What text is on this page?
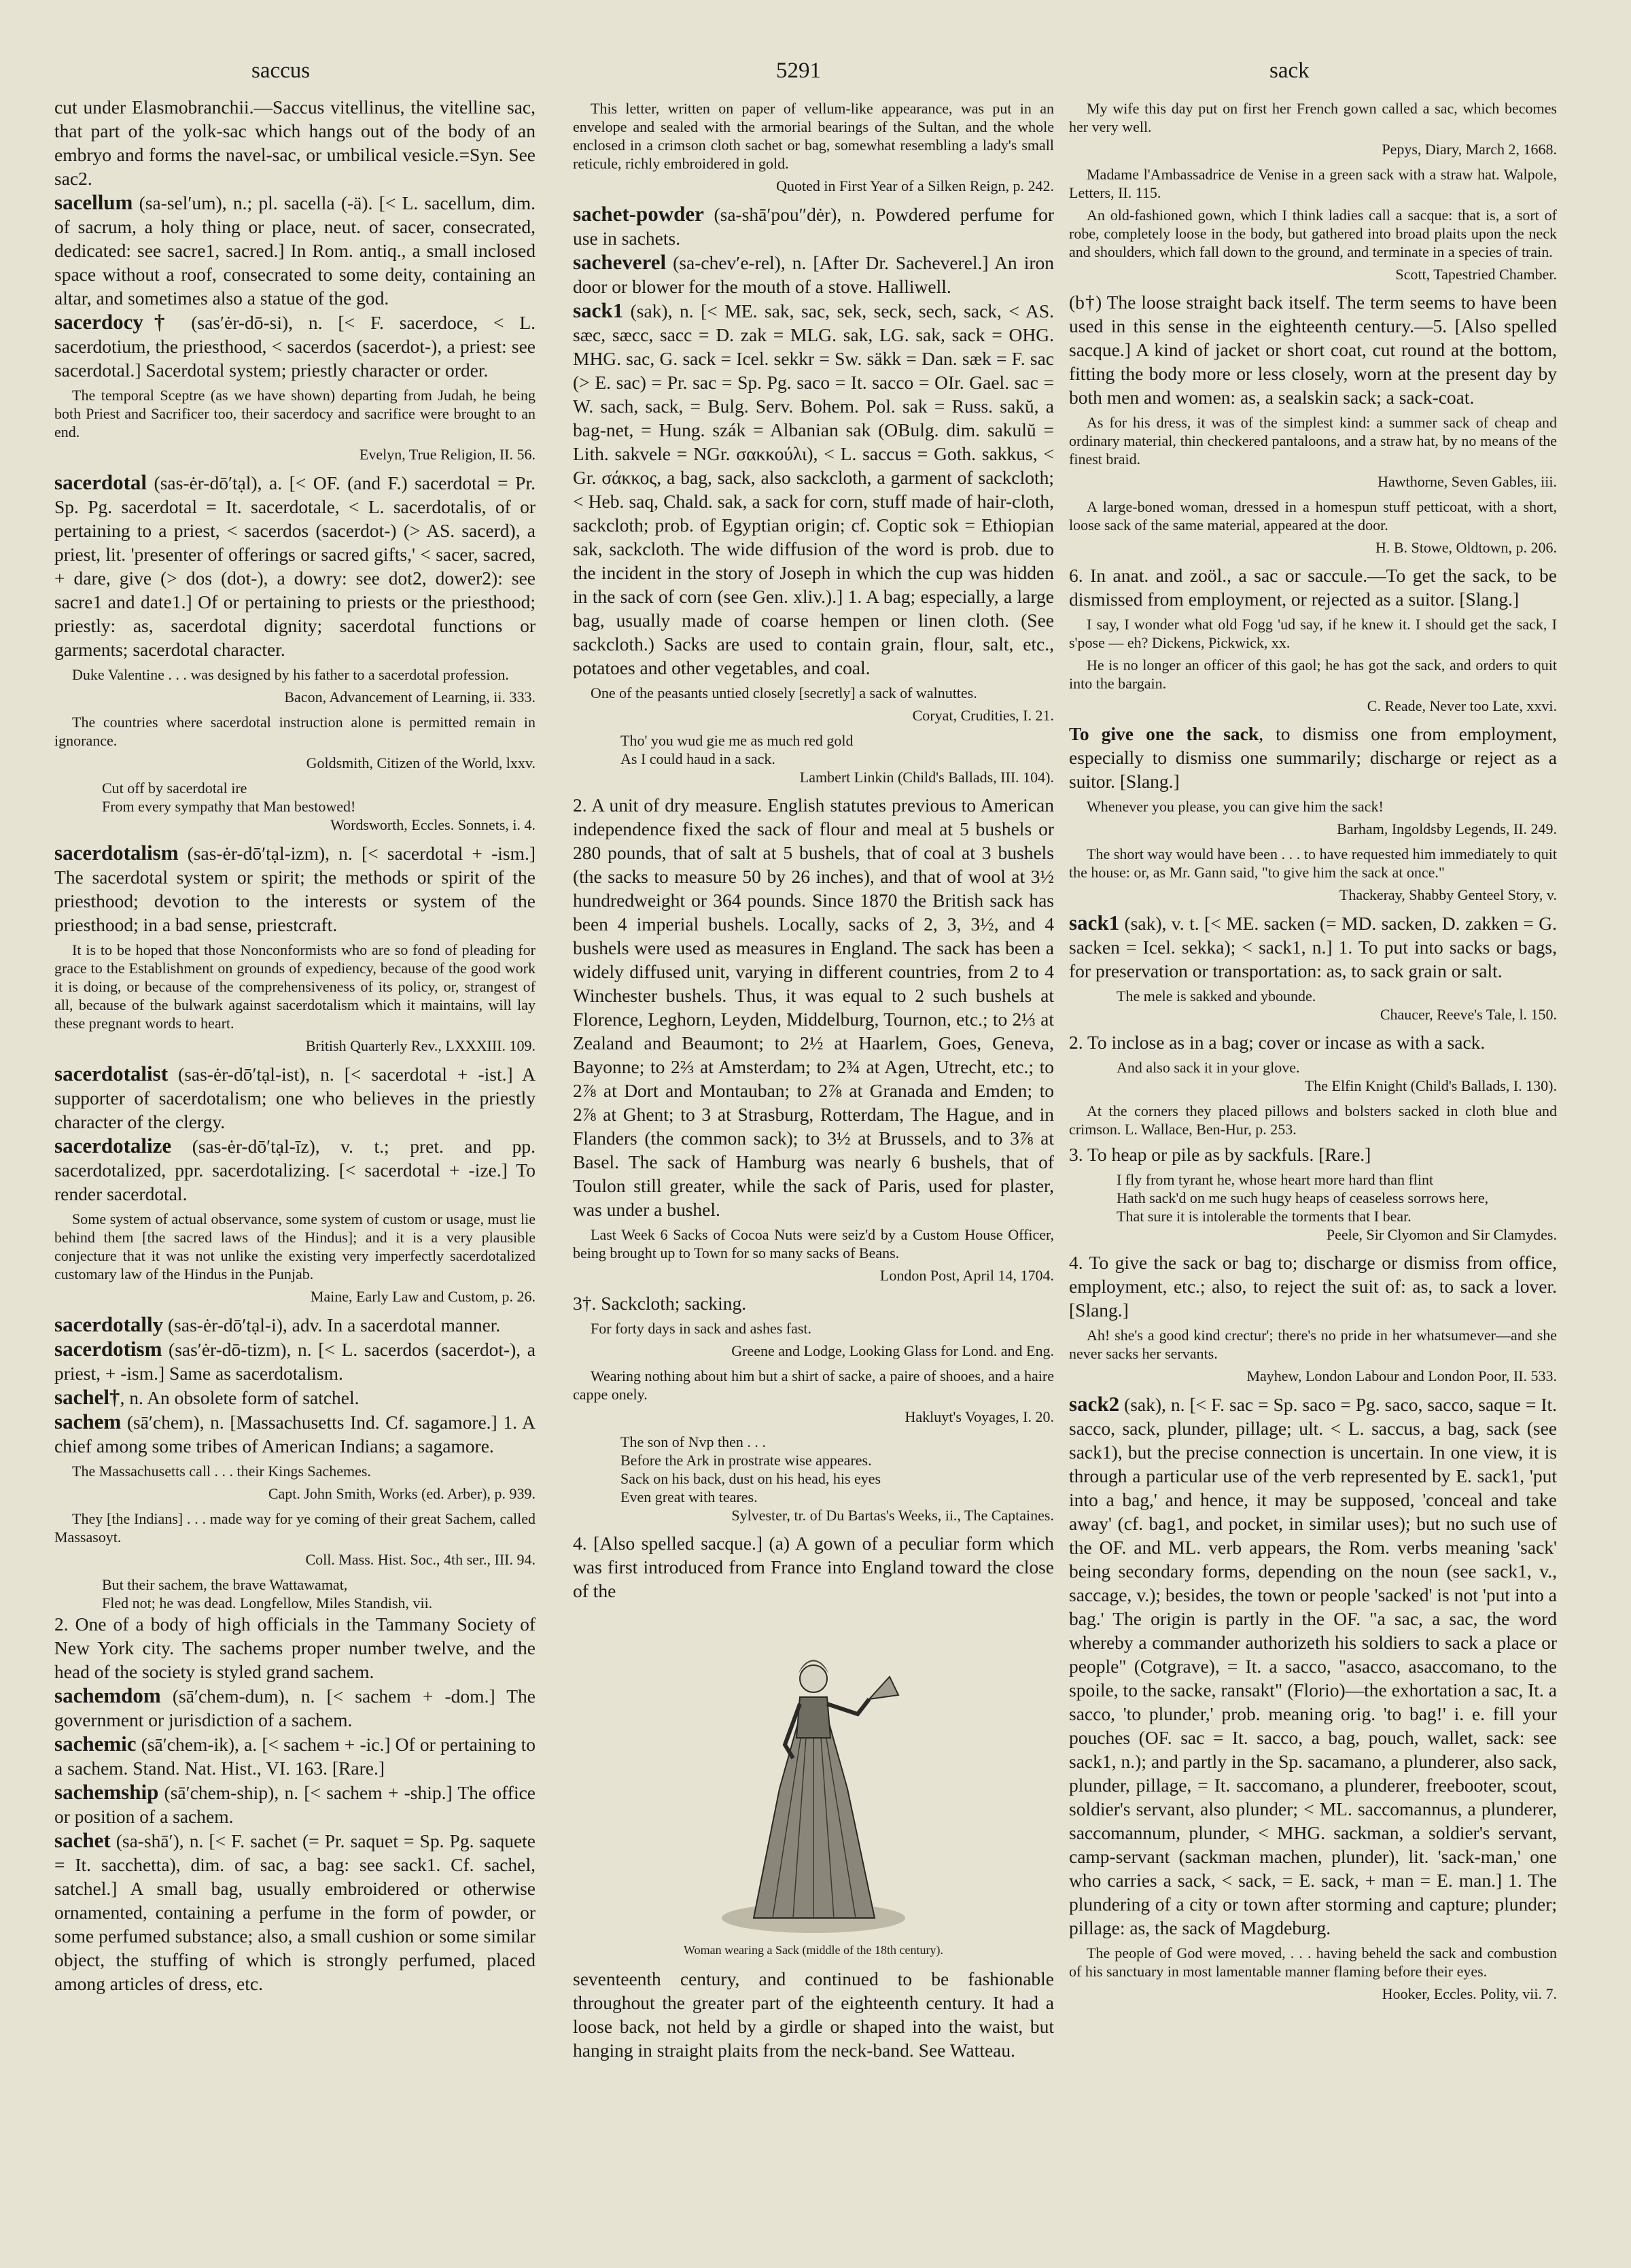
saccus	5291	sack

cut under Elasmobranchii.—Saccus vitellinus, the vitelline sac, that part of the yolk-sac which hangs out of the body of an embryo and forms the navel-sac, or umbilical vesicle.=Syn. See sac2.

sacellum (sa-sel′um), n.; pl. sacella (-ä). [< L. sacellum, dim. of sacrum, a holy thing or place, neut. of sacer, consecrated, dedicated: see sacre1, sacred.] In Rom. antiq., a small inclosed space without a roof, consecrated to some deity, containing an altar, and sometimes also a statue of the god.

sacerdocy† (sas′ėr-dō-si), n. [< F. sacerdoce, < L. sacerdotium, the priesthood, < sacerdos (sacerdot-), a priest: see sacerdotal.] Sacerdotal system; priestly character or order.

The temporal Sceptre (as we have shown) departing from Judah, he being both Priest and Sacrificer too, their sacerdocy and sacrifice were brought to an end.

Evelyn, True Religion, II. 56.

sacerdotal (sas-ėr-dō′tạl), a. [< OF. (and F.) sacerdotal = Pr. Sp. Pg. sacerdotal = It. sacerdotale, < L. sacerdotalis, of or pertaining to a priest, < sacerdos (sacerdot-) (> AS. sacerd), a priest, lit. 'presenter of offerings or sacred gifts,' < sacer, sacred, + dare, give (> dos (dot-), a dowry: see dot2, dower2): see sacre1 and date1.] Of or pertaining to priests or the priesthood; priestly: as, sacerdotal dignity; sacerdotal functions or garments; sacerdotal character.

Duke Valentine . . . was designed by his father to a sacerdotal profession.

Bacon, Advancement of Learning, ii. 333.

The countries where sacerdotal instruction alone is permitted remain in ignorance.

Goldsmith, Citizen of the World, lxxv.

Cut off by sacerdotal ire
From every sympathy that Man bestowed!

Wordsworth, Eccles. Sonnets, i. 4.

sacerdotalism (sas-ėr-dō′tạl-izm), n. [< sacerdotal + -ism.] The sacerdotal system or spirit; the methods or spirit of the priesthood; devotion to the interests or system of the priesthood; in a bad sense, priestcraft.

It is to be hoped that those Nonconformists who are so fond of pleading for grace to the Establishment on grounds of expediency, because of the good work it is doing, or because of the comprehensiveness of its policy, or, strangest of all, because of the bulwark against sacerdotalism which it maintains, will lay these pregnant words to heart.

British Quarterly Rev., LXXXIII. 109.

sacerdotalist (sas-ėr-dō′tạl-ist), n. [< sacerdotal + -ist.] A supporter of sacerdotalism; one who believes in the priestly character of the clergy.

sacerdotalize (sas-ėr-dō′tạl-īz), v. t.; pret. and pp. sacerdotalized, ppr. sacerdotalizing. [< sacerdotal + -ize.] To render sacerdotal.

Some system of actual observance, some system of custom or usage, must lie behind them [the sacred laws of the Hindus]; and it is a very plausible conjecture that it was not unlike the existing very imperfectly sacerdotalized customary law of the Hindus in the Punjab.

Maine, Early Law and Custom, p. 26.

sacerdotally (sas-ėr-dō′tạl-i), adv. In a sacerdotal manner.

sacerdotism (sas′ėr-dō-tizm), n. [< L. sacerdos (sacerdot-), a priest, + -ism.] Same as sacerdotalism.

sachel†, n. An obsolete form of satchel.

sachem (sā′chem), n. [Massachusetts Ind. Cf. sagamore.] 1. A chief among some tribes of American Indians; a sagamore.

The Massachusetts call . . . their Kings Sachemes.

Capt. John Smith, Works (ed. Arber), p. 939.

They [the Indians] . . . made way for ye coming of their great Sachem, called Massasoyt.

Coll. Mass. Hist. Soc., 4th ser., III. 94.

But their sachem, the brave Wattawamat,
Fled not; he was dead. Longfellow, Miles Standish, vii.

2. One of a body of high officials in the Tammany Society of New York city. The sachems proper number twelve, and the head of the society is styled grand sachem.

sachemdom (sā′chem-dum), n. [< sachem + -dom.] The government or jurisdiction of a sachem.

sachemic (sā′chem-ik), a. [< sachem + -ic.] Of or pertaining to a sachem. Stand. Nat. Hist., VI. 163. [Rare.]

sachemship (sā′chem-ship), n. [< sachem + -ship.] The office or position of a sachem.

sachet (sa-shā′), n. [< F. sachet (= Pr. saquet = Sp. Pg. saquete = It. sacchetta), dim. of sac, a bag: see sack1. Cf. sachel, satchel.] A small bag, usually embroidered or otherwise ornamented, containing a perfume in the form of powder, or some perfumed substance; also, a small cushion or some similar object, the stuffing of which is strongly perfumed, placed among articles of dress, etc.

This letter, written on paper of vellum-like appearance, was put in an envelope and sealed with the armorial bearings of the Sultan, and the whole enclosed in a crimson cloth sachet or bag, somewhat resembling a lady's small reticule, richly embroidered in gold.

Quoted in First Year of a Silken Reign, p. 242.

sachet-powder (sa-shā′pou″dėr), n. Powdered perfume for use in sachets.

sacheverel (sa-chev′e-rel), n. [After Dr. Sacheverel.] An iron door or blower for the mouth of a stove. Halliwell.

sack1 (sak), n. [< ME. sak, sac, sek, seck, sech, sack, < AS. sæc, sæcc, sacc = D. zak = MLG. sak, LG. sak, sack = OHG. MHG. sac, G. sack = Icel. sekkr = Sw. säkk = Dan. sæk = F. sac (> E. sac) = Pr. sac = Sp. Pg. saco = It. sacco = OIr. Gael. sac = W. sach, sack, = Bulg. Serv. Bohem. Pol. sak = Russ. sakŭ, a bag-net, = Hung. szák = Albanian sak (OBulg. dim. sakulŭ = Lith. sakvele = NGr. σακκούλι), < L. saccus = Goth. sakkus, < Gr. σάκκος, a bag, sack, also sackcloth, a garment of sackcloth; < Heb. saq, Chald. sak, a sack for corn, stuff made of hair-cloth, sackcloth; prob. of Egyptian origin; cf. Coptic sok = Ethiopian sak, sackcloth. The wide diffusion of the word is prob. due to the incident in the story of Joseph in which the cup was hidden in the sack of corn (see Gen. xliv.).] 1. A bag; especially, a large bag, usually made of coarse hempen or linen cloth. (See sackcloth.) Sacks are used to contain grain, flour, salt, etc., potatoes and other vegetables, and coal.

One of the peasants untied closely [secretly] a sack of walnuttes.

Coryat, Crudities, I. 21.

Tho' you wud gie me as much red gold
As I could haud in a sack.

Lambert Linkin (Child's Ballads, III. 104).

2. A unit of dry measure. English statutes previous to American independence fixed the sack of flour and meal at 5 bushels or 280 pounds, that of salt at 5 bushels, that of coal at 3 bushels (the sacks to measure 50 by 26 inches), and that of wool at 3½ hundredweight or 364 pounds. Since 1870 the British sack has been 4 imperial bushels. Locally, sacks of 2, 3, 3½, and 4 bushels were used as measures in England. The sack has been a widely diffused unit, varying in different countries, from 2 to 4 Winchester bushels. Thus, it was equal to 2 such bushels at Florence, Leghorn, Leyden, Middelburg, Tournon, etc.; to 2⅓ at Zealand and Beaumont; to 2½ at Haarlem, Goes, Geneva, Bayonne; to 2⅔ at Amsterdam; to 2¾ at Agen, Utrecht, etc.; to 2⅞ at Dort and Montauban; to 2⅞ at Granada and Emden; to 2⅞ at Ghent; to 3 at Strasburg, Rotterdam, The Hague, and in Flanders (the common sack); to 3½ at Brussels, and to 3⅞ at Basel. The sack of Hamburg was nearly 6 bushels, that of Toulon still greater, while the sack of Paris, used for plaster, was under a bushel.

Last Week 6 Sacks of Cocoa Nuts were seiz'd by a Custom House Officer, being brought up to Town for so many sacks of Beans.

London Post, April 14, 1704.

3†. Sackcloth; sacking.

For forty days in sack and ashes fast.

Greene and Lodge, Looking Glass for Lond. and Eng.

Wearing nothing about him but a shirt of sacke, a paire of shooes, and a haire cappe onely.

Hakluyt's Voyages, I. 20.

The son of Nvp then . . .
Before the Ark in prostrate wise appeares.
Sack on his back, dust on his head, his eyes
Even great with teares.

Sylvester, tr. of Du Bartas's Weeks, ii., The Captaines.

4. [Also spelled sacque.] (a) A gown of a peculiar form which was first introduced from France into England toward the close of the

Woman wearing a Sack (middle of the 18th century).

seventeenth century, and continued to be fashionable throughout the greater part of the eighteenth century. It had a loose back, not held by a girdle or shaped into the waist, but hanging in straight plaits from the neck-band. See Watteau.

My wife this day put on first her French gown called a sac, which becomes her very well.

Pepys, Diary, March 2, 1668.

Madame l'Ambassadrice de Venise in a green sack with a straw hat. Walpole, Letters, II. 115.

An old-fashioned gown, which I think ladies call a sacque: that is, a sort of robe, completely loose in the body, but gathered into broad plaits upon the neck and shoulders, which fall down to the ground, and terminate in a species of train.

Scott, Tapestried Chamber.

(b†) The loose straight back itself. The term seems to have been used in this sense in the eighteenth century.—5. [Also spelled sacque.] A kind of jacket or short coat, cut round at the bottom, fitting the body more or less closely, worn at the present day by both men and women: as, a sealskin sack; a sack-coat.

As for his dress, it was of the simplest kind: a summer sack of cheap and ordinary material, thin checkered pantaloons, and a straw hat, by no means of the finest braid.

Hawthorne, Seven Gables, iii.

A large-boned woman, dressed in a homespun stuff petticoat, with a short, loose sack of the same material, appeared at the door.

H. B. Stowe, Oldtown, p. 206.

6. In anat. and zoöl., a sac or saccule.—To get the sack, to be dismissed from employment, or rejected as a suitor. [Slang.]

I say, I wonder what old Fogg 'ud say, if he knew it. I should get the sack, I s'pose — eh? Dickens, Pickwick, xx.

He is no longer an officer of this gaol; he has got the sack, and orders to quit into the bargain.

C. Reade, Never too Late, xxvi.

To give one the sack, to dismiss one from employment, especially to dismiss one summarily; discharge or reject as a suitor. [Slang.]

Whenever you please, you can give him the sack!

Barham, Ingoldsby Legends, II. 249.

The short way would have been . . . to have requested him immediately to quit the house: or, as Mr. Gann said, "to give him the sack at once."

Thackeray, Shabby Genteel Story, v.

sack1 (sak), v. t. [< ME. sacken (= MD. sacken, D. zakken = G. sacken = Icel. sekka); < sack1, n.] 1. To put into sacks or bags, for preservation or transportation: as, to sack grain or salt.

The mele is sakked and ybounde.

Chaucer, Reeve's Tale, l. 150.

2. To inclose as in a bag; cover or incase as with a sack.

And also sack it in your glove.

The Elfin Knight (Child's Ballads, I. 130).

At the corners they placed pillows and bolsters sacked in cloth blue and crimson. L. Wallace, Ben-Hur, p. 253.

3. To heap or pile as by sackfuls. [Rare.]

I fly from tyrant he, whose heart more hard than flint
Hath sack'd on me such hugy heaps of ceaseless sorrows here,
That sure it is intolerable the torments that I bear.

Peele, Sir Clyomon and Sir Clamydes.

4. To give the sack or bag to; discharge or dismiss from office, employment, etc.; also, to reject the suit of: as, to sack a lover. [Slang.]

Ah! she's a good kind crectur'; there's no pride in her whatsumever—and she never sacks her servants.

Mayhew, London Labour and London Poor, II. 533.

sack2 (sak), n. [< F. sac = Sp. saco = Pg. saco, sacco, saque = It. sacco, sack, plunder, pillage; ult. < L. saccus, a bag, sack (see sack1), but the precise connection is uncertain. In one view, it is through a particular use of the verb represented by E. sack1, 'put into a bag,' and hence, it may be supposed, 'conceal and take away' (cf. bag1, and pocket, in similar uses); but no such use of the OF. and ML. verb appears, the Rom. verbs meaning 'sack' being secondary forms, depending on the noun (see sack1, v., saccage, v.); besides, the town or people 'sacked' is not 'put into a bag.' The origin is partly in the OF. "a sac, a sac, the word whereby a commander authorizeth his soldiers to sack a place or people" (Cotgrave), = It. a sacco, "asacco, asaccomano, to the spoile, to the sacke, ransakt" (Florio)—the exhortation a sac, It. a sacco, 'to plunder,' prob. meaning orig. 'to bag!' i. e. fill your pouches (OF. sac = It. sacco, a bag, pouch, wallet, sack: see sack1, n.); and partly in the Sp. sacamano, a plunderer, also sack, plunder, pillage, = It. saccomano, a plunderer, freebooter, scout, soldier's servant, also plunder; < ML. saccomannus, a plunderer, saccomannum, plunder, < MHG. sackman, a soldier's servant, camp-servant (sackman machen, plunder), lit. 'sack-man,' one who carries a sack, < sack, = E. sack, + man = E. man.] 1. The plundering of a city or town after storming and capture; plunder; pillage: as, the sack of Magdeburg.

The people of God were moved, . . . having beheld the sack and combustion of his sanctuary in most lamentable manner flaming before their eyes.

Hooker, Eccles. Polity, vii. 7.
